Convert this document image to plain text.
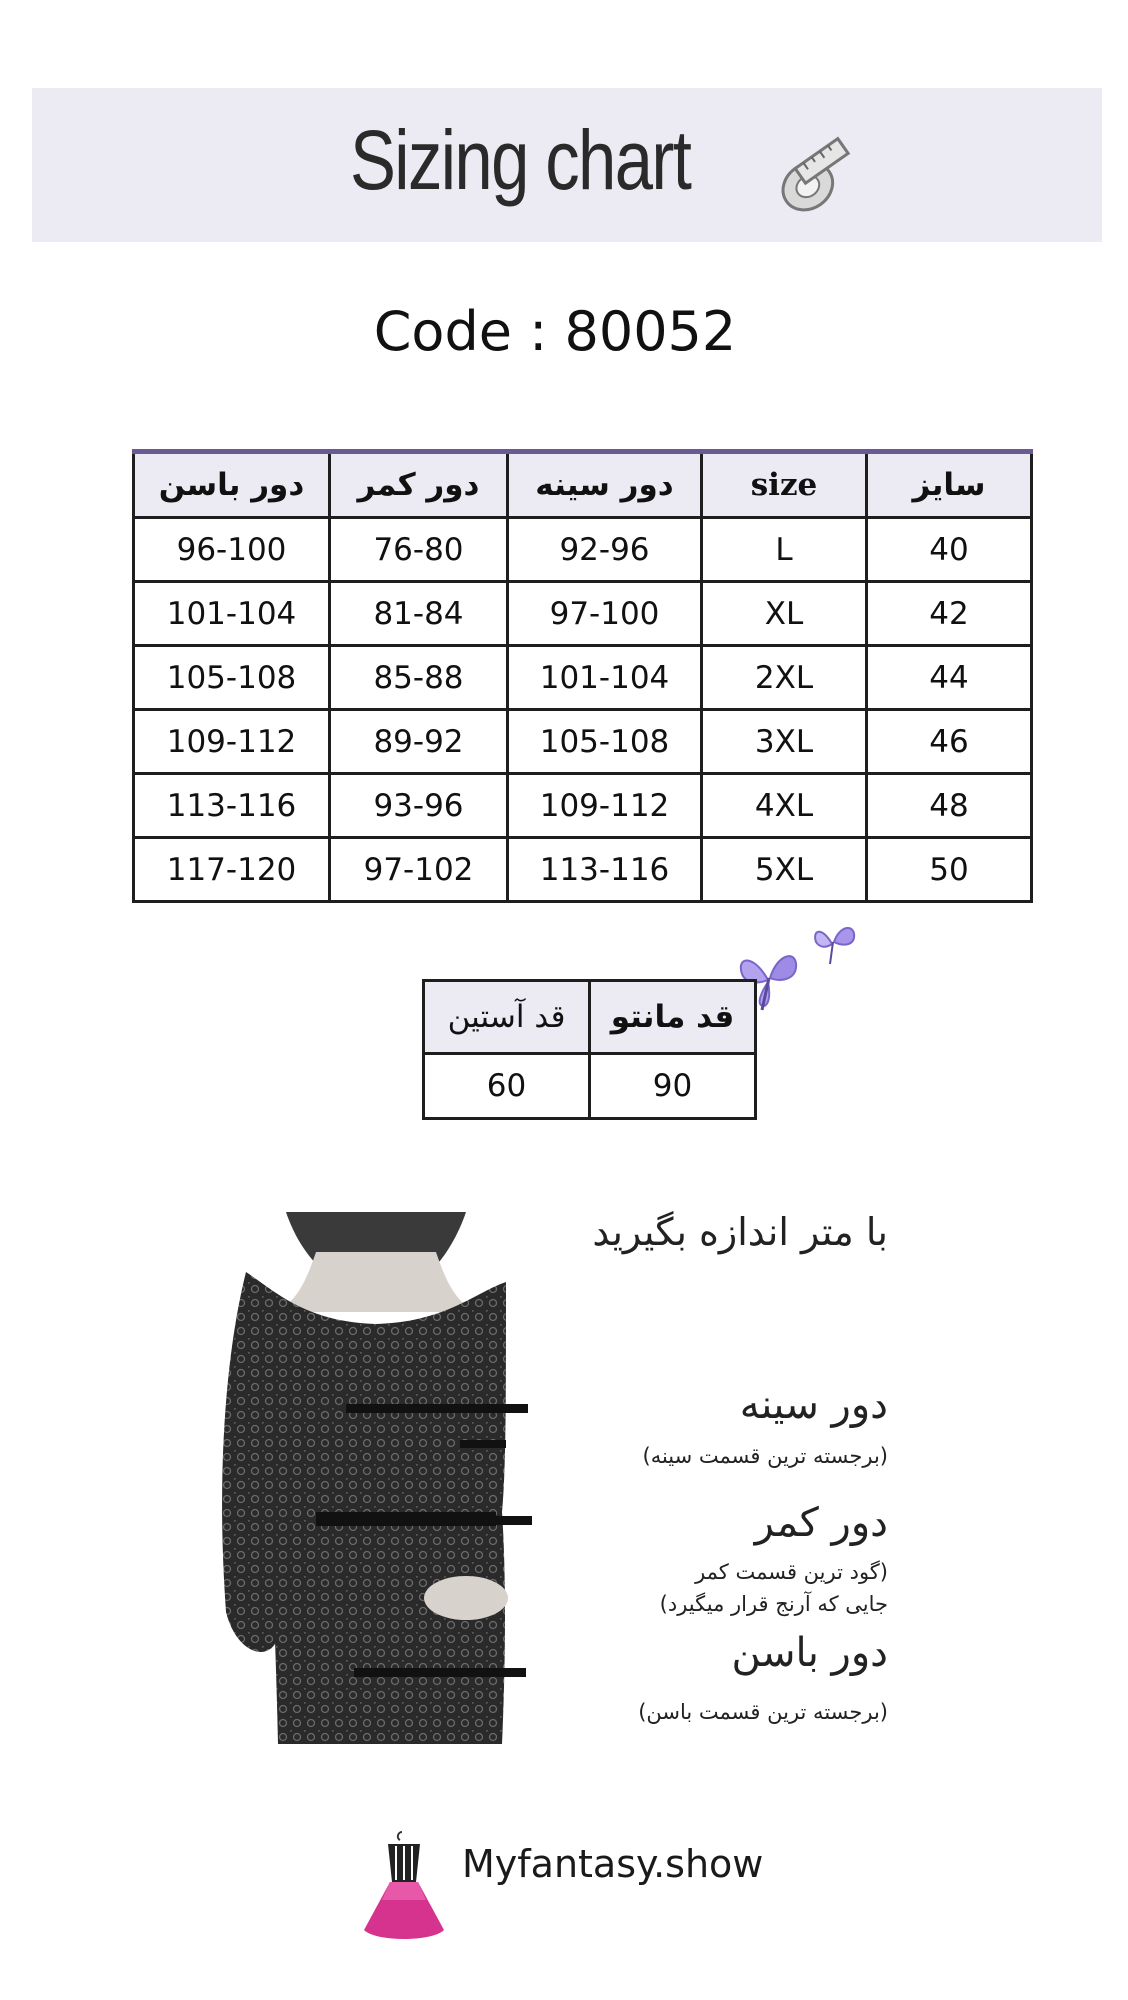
Sizing chart
Code : 80052
دور باسن	دور کمر	دور سینه	size	سایز
96-100	76-80	92-96	L	40
101-104	81-84	97-100	XL	42
105-108	85-88	101-104	2XL	44
109-112	89-92	105-108	3XL	46
113-116	93-96	109-112	4XL	48
117-120	97-102	113-116	5XL	50
قد آستین	قد مانتو
60	90
با متر اندازه بگیرید
دور سینه
(برجسته ترین قسمت سینه)
دور کمر
(گود ترین قسمت کمر
جایی که آرنج قرار میگیرد)
دور باسن
(برجسته ترین قسمت باسن)
Myfantasy.show
